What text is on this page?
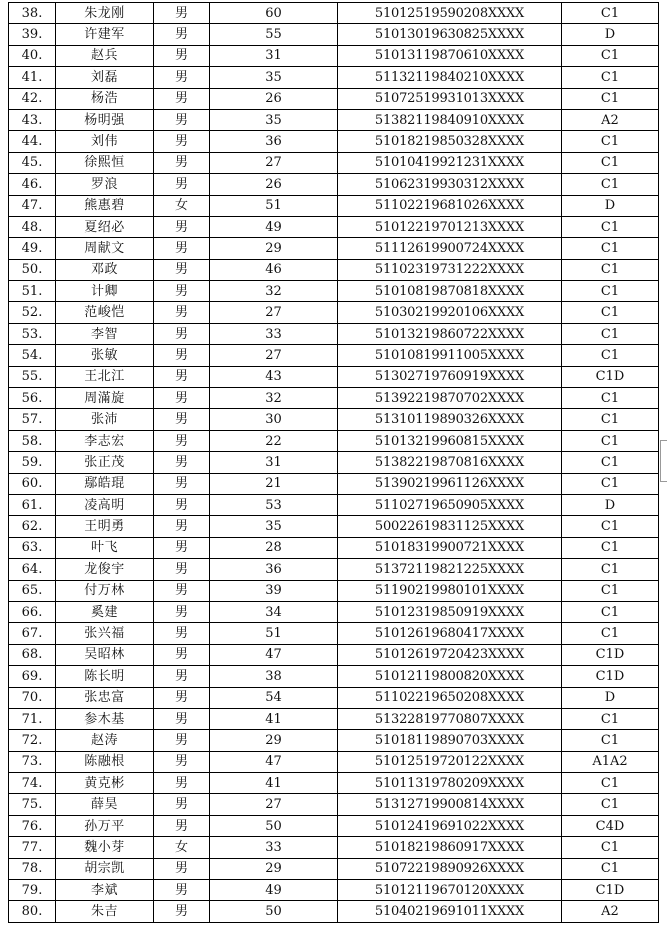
38.	朱龙刚	男	60	51012519590208XXXX	C1
39.	许建军	男	55	51013019630825XXXX	D
40.	赵兵	男	31	51013119870610XXXX	C1
41.	刘磊	男	35	51132119840210XXXX	C1
42.	杨浩	男	26	51072519931013XXXX	C1
43.	杨明强	男	35	51382119840910XXXX	A2
44.	刘伟	男	36	51018219850328XXXX	C1
45.	徐熙恒	男	27	51010419921231XXXX	C1
46.	罗浪	男	26	51062319930312XXXX	C1
47.	熊惠碧	女	51	51102219681026XXXX	D
48.	夏绍必	男	49	51012219701213XXXX	C1
49.	周献文	男	29	51112619900724XXXX	C1
50.	邓政	男	46	51102319731222XXXX	C1
51.	计卿	男	32	51010819870818XXXX	C1
52.	范峻恺	男	27	51030219920106XXXX	C1
53.	李智	男	33	51013219860722XXXX	C1
54.	张敏	男	27	51010819911005XXXX	C1
55.	王北江	男	43	51302719760919XXXX	C1D
56.	周滿旋	男	32	51392219870702XXXX	C1
57.	张沛	男	30	51310119890326XXXX	C1
58.	李志宏	男	22	51013219960815XXXX	C1
59.	张正茂	男	31	51382219870816XXXX	C1
60.	鄢皓琨	男	21	51390219961126XXXX	C1
61.	凌高明	男	53	51102719650905XXXX	D
62.	王明勇	男	35	50022619831125XXXX	C1
63.	叶飞	男	28	51018319900721XXXX	C1
64.	龙俊宇	男	36	51372119821225XXXX	C1
65.	付万林	男	39	51190219980101XXXX	C1
66.	奚建	男	34	51012319850919XXXX	C1
67.	张兴福	男	51	51012619680417XXXX	C1
68.	吴昭林	男	47	51012619720423XXXX	C1D
69.	陈长明	男	38	51012119800820XXXX	C1D
70.	张忠富	男	54	51102219650208XXXX	D
71.	参木基	男	41	51322819770807XXXX	C1
72.	赵涛	男	29	51018119890703XXXX	C1
73.	陈融根	男	47	51012519720122XXXX	A1A2
74.	黄克彬	男	41	51011319780209XXXX	C1
75.	薛昊	男	27	51312719900814XXXX	C1
76.	孙万平	男	50	51012419691022XXXX	C4D
77.	魏小芽	女	33	51018219860917XXXX	C1
78.	胡宗凯	男	29	51072219890926XXXX	C1
79.	李斌	男	49	51012119670120XXXX	C1D
80.	朱吉	男	50	51040219691011XXXX	A2
